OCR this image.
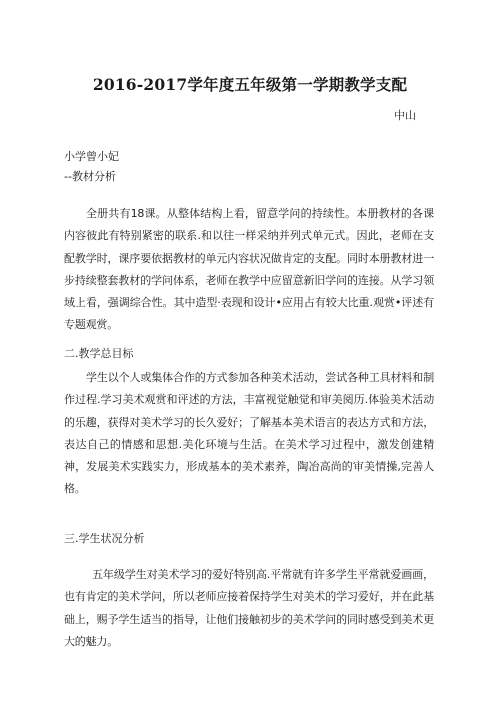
2016-2017学年度五年级第一学期教学支配
中山
小学曾小妃
--教材分析
全册共有18课。从整体结构上看，留意学问的持续性。本册教材的各课内容彼此有特别紧密的联系.和以往一样采纳并列式单元式。因此，老师在支配教学时，课序要依据教材的单元内容状况做肯定的支配。同时本册教材进一步持续整套教材的学问体系，老师在教学中应留意新旧学问的连接。从学习领域上看，强调综合性。其中造型·表现和设计•应用占有较大比重.观赏•评述有专题观赏。
二.教学总目标
学生以个人或集体合作的方式参加各种美术活动，尝试各种工具材料和制作过程.学习美术观赏和评述的方法，丰富视觉触觉和审美阅历.体验美术活动的乐趣，获得对美术学习的长久爱好；了解基本美术语言的表达方式和方法，表达自己的情感和思想.美化环境与生活。在美术学习过程中，激发创建精神，发展美术实践实力，形成基本的美术素养，陶冶高尚的审美情操,完善人格。
三.学生状况分析
五年级学生对美术学习的爱好特别高.平常就有许多学生平常就爱画画，也有肯定的美术学问，所以老师应接着保持学生对美术的学习爱好，并在此基础上，赐予学生适当的指导，让他们接触初步的美术学问的同时感受到美术更大的魅力。
